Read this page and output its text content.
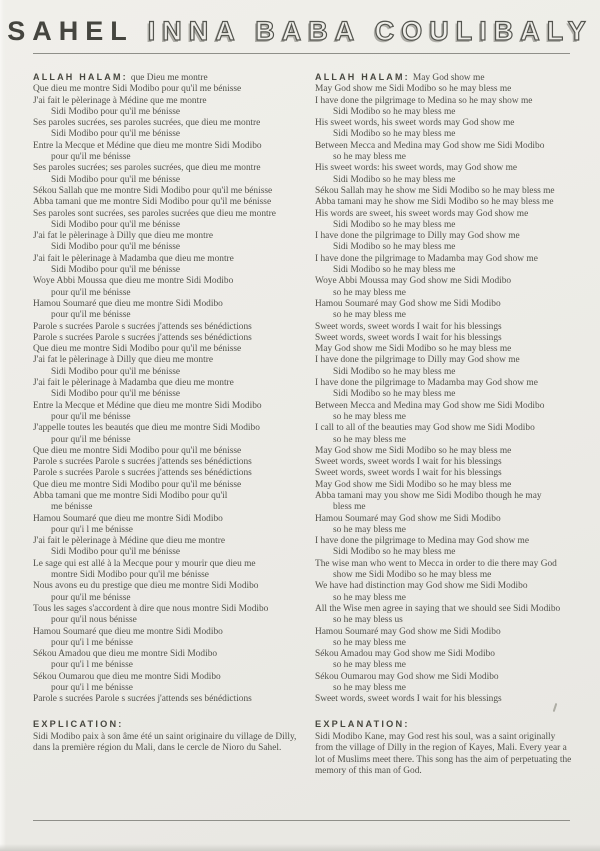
SAHEL INNA BABA COULIBALY
ALLAH HALAM: que Dieu me montre
Que dieu me montre Sidi Modibo pour qu'il me bénisse
J'ai fait le pèlerinage à Médine que me montre
Sidi Modibo pour qu'il me bénisse
Ses paroles sucrées, ses paroles sucrées, que dieu me montre
Sidi Modibo pour qu'il me bénisse
Entre la Mecque et Médine que dieu me montre Sidi Modibo
pour qu'il me bénisse
Ses paroles sucrées; ses paroles sucrées, que dieu me montre
Sidi Modibo pour qu'il me bénisse
Sékou Sallah que me montre Sidi Modibo pour qu'il me bénisse
Abba tamani que me montre Sidi Modibo pour qu'il me bénisse
Ses paroles sont sucrées, ses paroles sucrées que dieu me montre
Sidi Modibo pour qu'il me bénisse
J'ai fat le pèlerinage à Dilly que dieu me montre
Sidi Modibo pour qu'il me bénisse
J'ai fait le pèlerinage à Madamba que dieu me montre
Sidi Modibo pour qu'il me bénisse
Woye Abbi Moussa que dieu me montre Sidi Modibo
pour qu'il me bénisse
Hamou Soumaré que dieu me montre Sidi Modibo
pour qu'il me bénisse
Parole s sucrées Parole s sucrées j'attends ses bénédictions
Parole s sucrées Parole s sucrées j'attends ses bénédictions
Que dieu me montre Sidi Modibo pour qu'il me bénisse
J'ai fat le pèlerinage à Dilly que dieu me montre
Sidi Modibo pour qu'il me bénisse
J'ai fait le pèlerinage à Madamba que dieu me montre
Sidi Modibo pour qu'il me bénisse
Entre la Mecque et Médine que dieu me montre Sidi Modibo
pour qu'il me bénisse
J'appelle toutes les beautés que dieu me montre Sidi Modibo
pour qu'il me bénisse
Que dieu me montre Sidi Modibo pour qu'il me bénisse
Parole s sucrées Parole s sucrées j'attends ses bénédictions
Parole s sucrées Parole s sucrées j'attends ses bénédictions
Que dieu me montre Sidi Modibo pour qu'il me bénisse
Abba tamani que me montre Sidi Modibo pour qu'il
me bénisse
Hamou Soumaré que dieu me montre Sidi Modibo
pour qu'i l me bénisse
J'ai fait le pèlerinage à Médine que dieu me montre
Sidi Modibo pour qu'il me bénisse
Le sage qui est allé à la Mecque pour y mourir que dieu me
montre Sidi Modibo pour qu'il me bénisse
Nous avons eu du prestige que dieu me montre Sidi Modibo
pour qu'il me bénisse
Tous les sages s'accordent à dire que nous montre Sidi Modibo
pour qu'il nous bénisse
Hamou Soumaré que dieu me montre Sidi Modibo
pour qu'i l me bénisse
Sékou Amadou que dieu me montre Sidi Modibo
pour qu'i l me bénisse
Sékou Oumarou que dieu me montre Sidi Modibo
pour qu'i l me bénisse
Parole s sucrées Parole s sucrées j'attends ses bénédictions
EXPLICATION:
Sidi Modibo paix à son âme été un saint originaire du village de Dilly, dans la première région du Mali, dans le cercle de Nioro du Sahel.
ALLAH HALAM: May God show me
May God show me Sidi Modibo so he may bless me
I have done the pilgrimage to Medina so he may show me
Sidi Modibo so he may bless me
His sweet words, his sweet words may God show me
Sidi Modibo so he may bless me
Between Mecca and Medina may God show me Sidi Modibo
so he may bless me
His sweet words: his sweet words, may God show me
Sidi Modibo so he may bless me
Sékou Sallah may he show me Sidi Modibo so he may bless me
Abba tamani may he show me Sidi Modibo so he may bless me
His words are sweet, his sweet words may God show me
Sidi Modibo so he may bless me
I have done the pilgrimage to Dilly may God show me
Sidi Modibo so he may bless me
I have done the pilgrimage to Madamba may God show me
Sidi Modibo so he may bless me
Woye Abbi Moussa may God show me Sidi Modibo
so he may bless me
Hamou Soumaré may God show me Sidi Modibo
so he may bless me
Sweet words, sweet words I wait for his blessings
Sweet words, sweet words I wait for his blessings
May God show me Sidi Modibo so he may bless me
I have done the pilgrimage to Dilly may God show me
Sidi Modibo so he may bless me
I have done the pilgrimage to Madamba may God show me
Sidi Modibo so he may bless me
Between Mecca and Medina may God show me Sidi Modibo
so he may bless me
I call to all of the beauties may God show me Sidi Modibo
so he may bless me
May God show me Sidi Modibo so he may bless me
Sweet words, sweet words I wait for his blessings
Sweet words, sweet words I wait for his blessings
May God show me Sidi Modibo so he may bless me
Abba tamani may you show me Sidi Modibo though he may
bless me
Hamou Soumaré may God show me Sidi Modibo
so he may bless me
I have done the pilgrimage to Medina may God show me
Sidi Modibo so he may bless me
The wise man who went to Mecca in order to die there may God
show me Sidi Modibo so he may bless me
We have had distinction may God show me Sidi Modibo
so he may bless me
All the Wise men agree in saying that we should see Sidi Modibo
so he may bless us
Hamou Soumaré may God show me Sidi Modibo
so he may bless me
Sékou Amadou may God show me Sidi Modibo
so he may bless me
Sékou Oumarou may God show me Sidi Modibo
so he may bless me
Sweet words, sweet words I wait for his blessings
EXPLANATION:
Sidi Modibo Kane, may God rest his soul, was a saint originally from the village of Dilly in the region of Kayes, Mali. Every year a lot of Muslims meet there. This song has the aim of perpetuating the memory of this man of God.
